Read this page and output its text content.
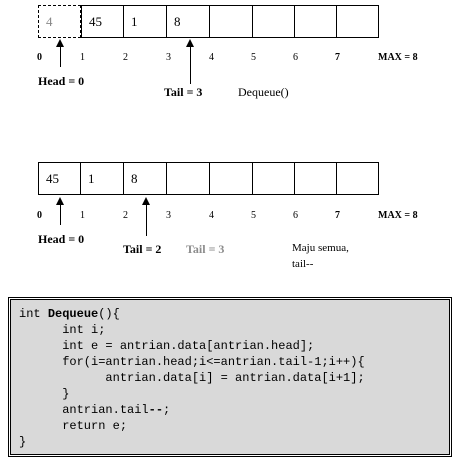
4	45	1	8
0	1	2	3	4	5	6	7	MAX = 8
Head = 0
Tail = 3	Dequeue()
45	1	8
0	1	2	3	4	5	6	7	MAX = 8
Head = 0
Tail = 2 Tail = 3	Maju semua,
tail--
int Dequeue(){
int i;
int e = antrian.data[antrian.head];
for(i=antrian.head;i<=antrian.tail-1;i++){
antrian.data[i] = antrian.data[i+1];
}
antrian.tail--;
return e;
}
